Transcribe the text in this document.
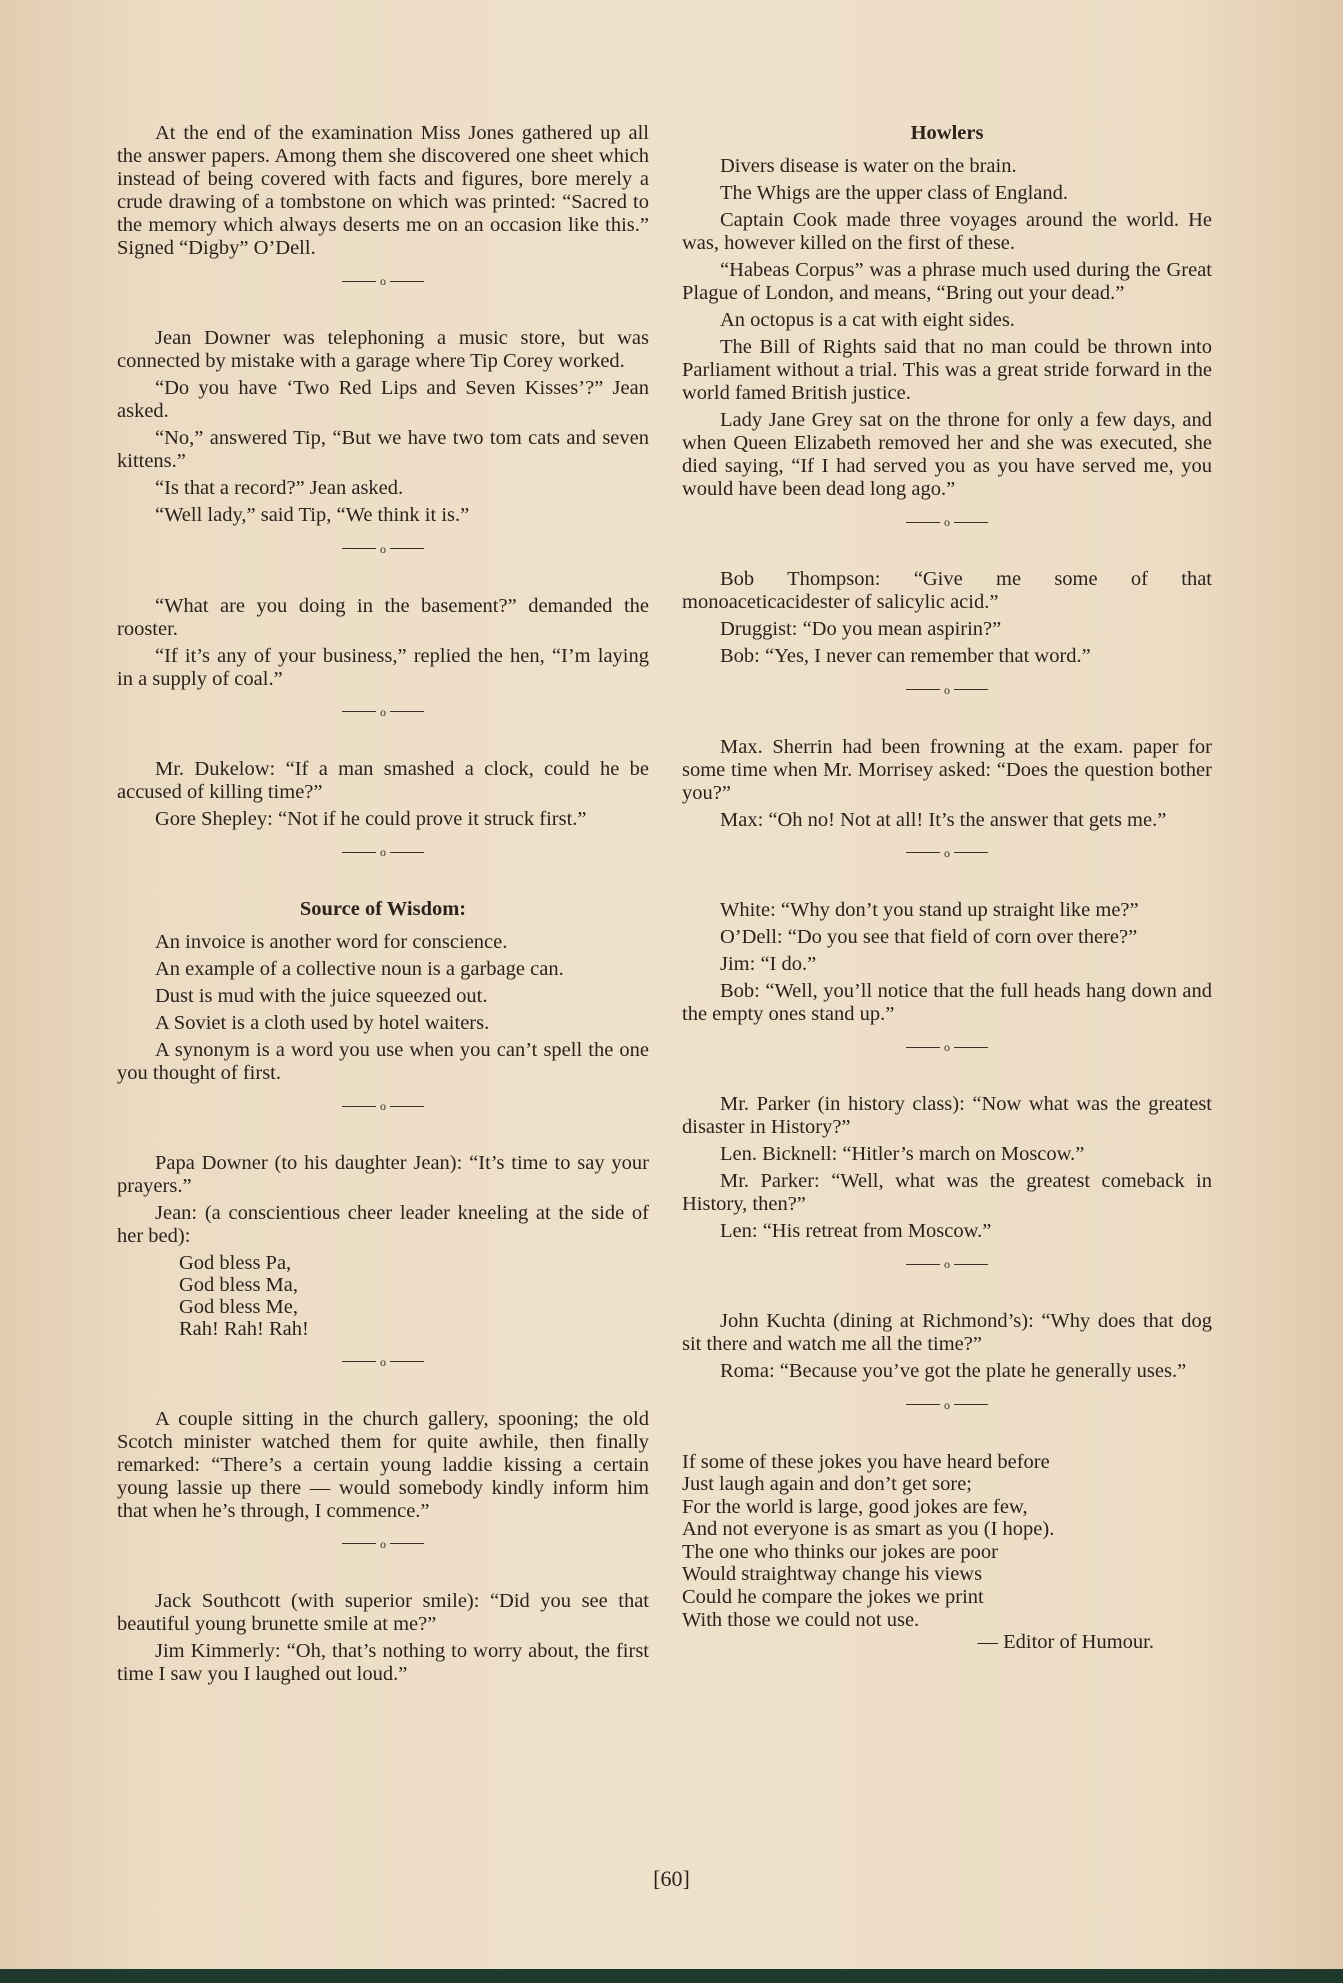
At the end of the examination Miss Jones gathered up all the answer papers. Among them she discovered one sheet which instead of being covered with facts and figures, bore merely a crude drawing of a tombstone on which was printed: “Sacred to the memory which always deserts me on an occasion like this.” Signed “Digby” O’Dell.

o

Jean Downer was telephoning a music store, but was connected by mistake with a garage where Tip Corey worked.

“Do you have ‘Two Red Lips and Seven Kisses’?” Jean asked.

“No,” answered Tip, “But we have two tom cats and seven kittens.”

“Is that a record?” Jean asked.

“Well lady,” said Tip, “We think it is.”

o

“What are you doing in the basement?” demanded the rooster.

“If it’s any of your business,” replied the hen, “I’m laying in a supply of coal.”

o

Mr. Dukelow: “If a man smashed a clock, could he be accused of killing time?”

Gore Shepley: “Not if he could prove it struck first.”

o
Source of Wisdom:

An invoice is another word for conscience.

An example of a collective noun is a garbage can.

Dust is mud with the juice squeezed out.

A Soviet is a cloth used by hotel waiters.

A synonym is a word you use when you can’t spell the one you thought of first.

o

Papa Downer (to his daughter Jean): “It’s time to say your prayers.”

Jean: (a conscientious cheer leader kneeling at the side of her bed):

God bless Pa,
God bless Ma,
God bless Me,
Rah! Rah! Rah!
o

A couple sitting in the church gallery, spooning; the old Scotch minister watched them for quite awhile, then finally remarked: “There’s a certain young laddie kissing a certain young lassie up there — would somebody kindly inform him that when he’s through, I commence.”

o

Jack Southcott (with superior smile): “Did you see that beautiful young brunette smile at me?”

Jim Kimmerly: “Oh, that’s nothing to worry about, the first time I saw you I laughed out loud.”

Howlers

Divers disease is water on the brain.

The Whigs are the upper class of England.

Captain Cook made three voyages around the world. He was, however killed on the first of these.

“Habeas Corpus” was a phrase much used during the Great Plague of London, and means, “Bring out your dead.”

An octopus is a cat with eight sides.

The Bill of Rights said that no man could be thrown into Parliament without a trial. This was a great stride forward in the world famed British justice.

Lady Jane Grey sat on the throne for only a few days, and when Queen Elizabeth removed her and she was executed, she died saying, “If I had served you as you have served me, you would have been dead long ago.”

o

Bob Thompson: “Give me some of that monoaceticacidester of salicylic acid.”

Druggist: “Do you mean aspirin?”

Bob: “Yes, I never can remember that word.”

o

Max. Sherrin had been frowning at the exam. paper for some time when Mr. Morrisey asked: “Does the question bother you?”

Max: “Oh no! Not at all! It’s the answer that gets me.”

o

White: “Why don’t you stand up straight like me?”

O’Dell: “Do you see that field of corn over there?”

Jim: “I do.”

Bob: “Well, you’ll notice that the full heads hang down and the empty ones stand up.”

o

Mr. Parker (in history class): “Now what was the greatest disaster in History?”

Len. Bicknell: “Hitler’s march on Moscow.”

Mr. Parker: “Well, what was the greatest comeback in History, then?”

Len: “His retreat from Moscow.”

o

John Kuchta (dining at Richmond’s): “Why does that dog sit there and watch me all the time?”

Roma: “Because you’ve got the plate he generally uses.”

o
If some of these jokes you have heard before
Just laugh again and don’t get sore;
For the world is large, good jokes are few,
And not everyone is as smart as you (I hope).
The one who thinks our jokes are poor
Would straightway change his views
Could he compare the jokes we print
With those we could not use.
— Editor of Humour.
[60]
